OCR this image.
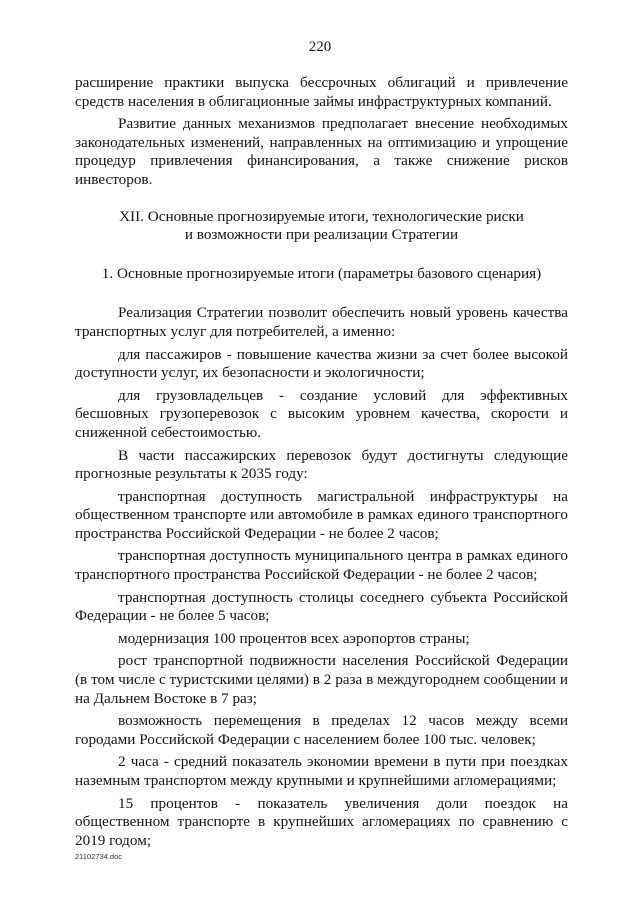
220

расширение практики выпуска бессрочных облигаций и привлечение средств населения в облигационные займы инфраструктурных компаний.

Развитие данных механизмов предполагает внесение необходимых законодательных изменений, направленных на оптимизацию и упрощение процедур привлечения финансирования, а также снижение рисков инвесторов.

XII. Основные прогнозируемые итоги, технологические риски
и возможности при реализации Стратегии
1. Основные прогнозируемые итоги (параметры базового сценария)

Реализация Стратегии позволит обеспечить новый уровень качества транспортных услуг для потребителей, а именно:

для пассажиров - повышение качества жизни за счет более высокой доступности услуг, их безопасности и экологичности;

для грузовладельцев - создание условий для эффективных бесшовных грузоперевозок с высоким уровнем качества, скорости и сниженной себестоимостью.

В части пассажирских перевозок будут достигнуты следующие прогнозные результаты к 2035 году:

транспортная доступность магистральной инфраструктуры на общественном транспорте или автомобиле в рамках единого транспортного пространства Российской Федерации - не более 2 часов;

транспортная доступность муниципального центра в рамках единого транспортного пространства Российской Федерации - не более 2 часов;

транспортная доступность столицы соседнего субъекта Российской Федерации - не более 5 часов;

модернизация 100 процентов всех аэропортов страны;

рост транспортной подвижности населения Российской Федерации (в том числе с туристскими целями) в 2 раза в междугороднем сообщении и на Дальнем Востоке в 7 раз;

возможность перемещения в пределах 12 часов между всеми городами Российской Федерации с населением более 100 тыс. человек;

2 часа - средний показатель экономии времени в пути при поездках наземным транспортом между крупными и крупнейшими агломерациями;

15 процентов - показатель увеличения доли поездок на общественном транспорте в крупнейших агломерациях по сравнению с 2019 годом;

21102734.doc
